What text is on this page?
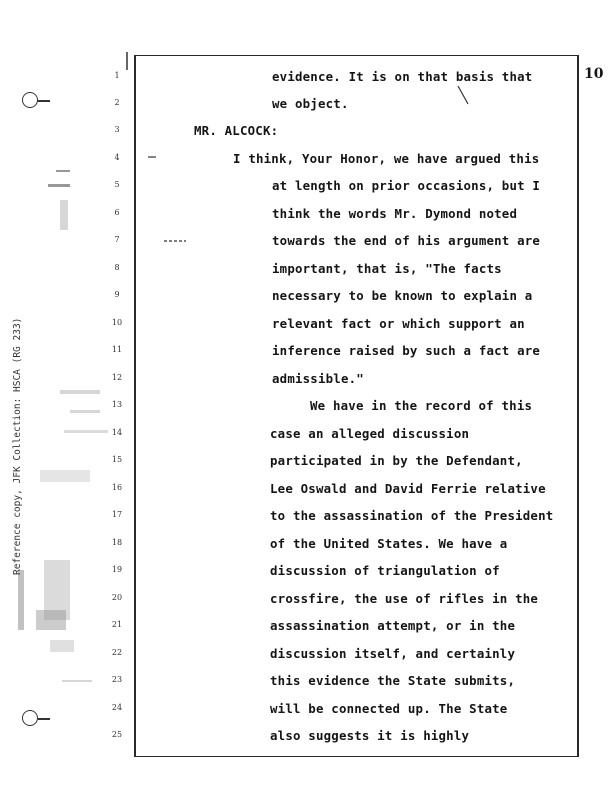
Reference copy, JFK Collection: HSCA (RG 233)
10
1
2
3
4
5
6
7
8
9
10
11
12
13
14
15
16
17
18
19
20
21
22
23
24
25
evidence. It is on that basis that
we object.
MR. ALCOCK:
I think, Your Honor, we have argued this
at length on prior occasions, but I
think the words Mr. Dymond noted
towards the end of his argument are
important, that is, "The facts
necessary to be known to explain a
relevant fact or which support an
inference raised by such a fact are
admissible."
We have in the record of this
case an alleged discussion
participated in by the Defendant,
Lee Oswald and David Ferrie relative
to the assassination of the President
of the United States. We have a
discussion of triangulation of
crossfire, the use of rifles in the
assassination attempt, or in the
discussion itself, and certainly
this evidence the State submits,
will be connected up. The State
also suggests it is highly
